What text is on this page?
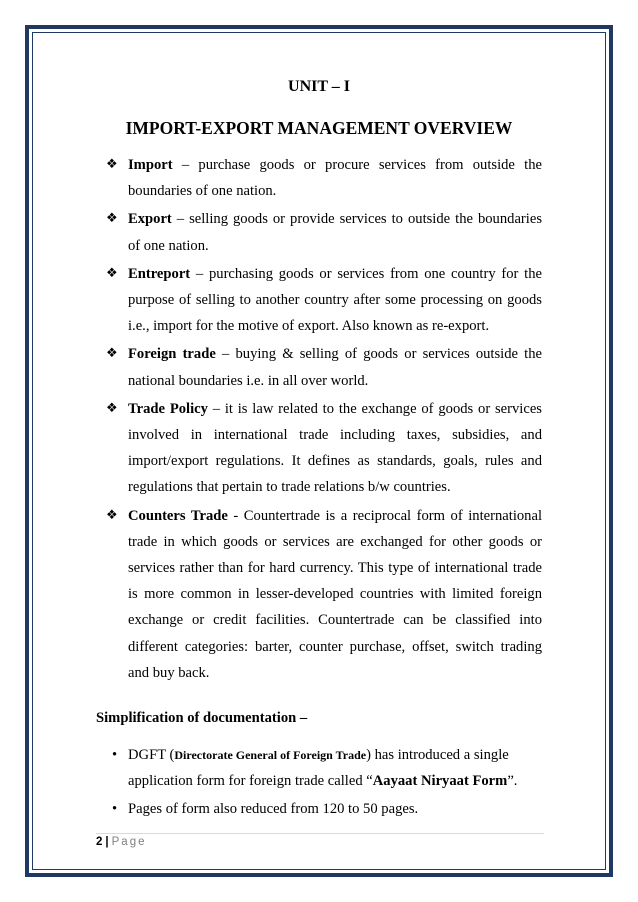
UNIT – I
IMPORT-EXPORT MANAGEMENT OVERVIEW
❖ Import – purchase goods or procure services from outside the boundaries of one nation.
❖ Export – selling goods or provide services to outside the boundaries of one nation.
❖ Entreport – purchasing goods or services from one country for the purpose of selling to another country after some processing on goods i.e., import for the motive of export. Also known as re-export.
❖ Foreign trade – buying & selling of goods or services outside the national boundaries i.e. in all over world.
❖ Trade Policy – it is law related to the exchange of goods or services involved in international trade including taxes, subsidies, and import/export regulations. It defines as standards, goals, rules and regulations that pertain to trade relations b/w countries.
❖ Counters Trade - Countertrade is a reciprocal form of international trade in which goods or services are exchanged for other goods or services rather than for hard currency. This type of international trade is more common in lesser-developed countries with limited foreign exchange or credit facilities. Countertrade can be classified into different categories: barter, counter purchase, offset, switch trading and buy back.
Simplification of documentation –
• DGFT (Directorate General of Foreign Trade) has introduced a single application form for foreign trade called “Aayaat Niryaat Form”.
• Pages of form also reduced from 120 to 50 pages.
2 | Page
